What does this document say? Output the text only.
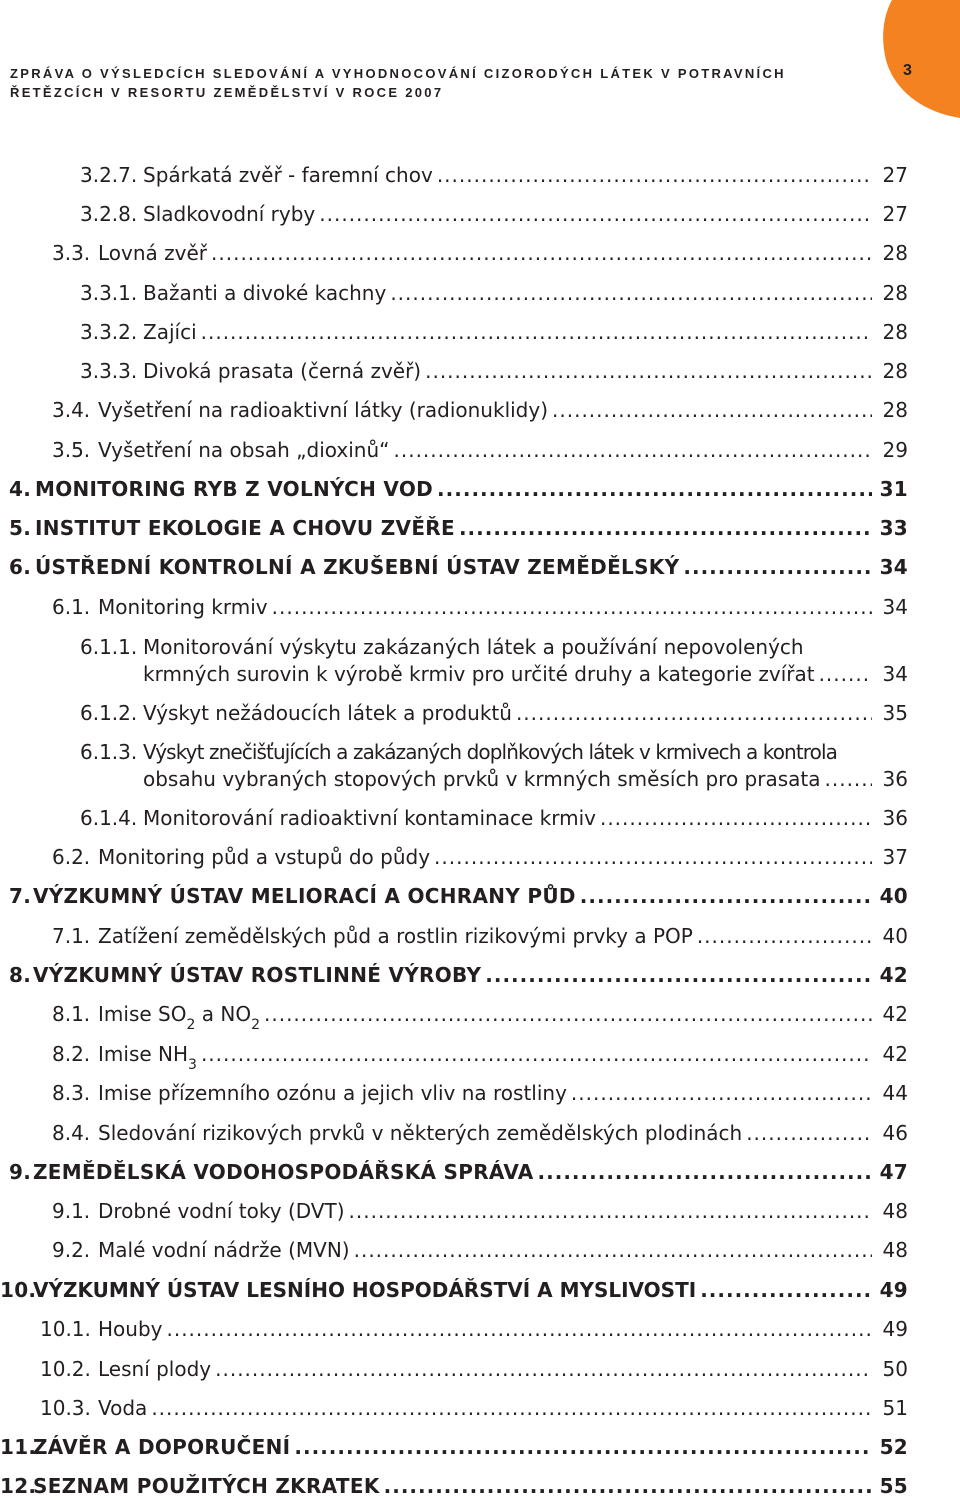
ZPRÁVA O VÝSLEDCÍCH SLEDOVÁNÍ A VYHODNOCOVÁNÍ CIZORODÝCH LÁTEK V POTRAVNÍCH
ŘETĚZCÍCH V RESORTU ZEMĚDĚLSTVÍ V ROCE 2007
3
3.2.7. Spárkatá zvěř - faremní chov .....	27
3.2.8. Sladkovodní ryby .....	27
3.3. Lovná zvěř .....	28
3.3.1. Bažanti a divoké kachny .....	28
3.3.2. Zajíci .....	28
3.3.3. Divoká prasata (černá zvěř) .....	28
3.4. Vyšetření na radioaktivní látky (radionuklidy) .....	28
3.5. Vyšetření na obsah „dioxinů“ .....	29
4. MONITORING RYB Z VOLNÝCH VOD .....	31
5. INSTITUT EKOLOGIE A CHOVU ZVĚŘE .....	33
6. ÚSTŘEDNÍ KONTROLNÍ A ZKUŠEBNÍ ÚSTAV ZEMĚDĚLSKÝ .....	34
6.1. Monitoring krmiv .....	34
6.1.1. Monitorování výskytu zakázaných látek a používání nepovolených
krmných surovin k výrobě krmiv pro určité druhy a kategorie zvířat .....	34
6.1.2. Výskyt nežádoucích látek a produktů .....	35
6.1.3. Výskyt znečišťujících a zakázaných doplňkových látek v krmivech a kontrola
obsahu vybraných stopových prvků v krmných směsích pro prasata .....	36
6.1.4. Monitorování radioaktivní kontaminace krmiv .....	36
6.2. Monitoring půd a vstupů do půdy .....	37
7. VÝZKUMNÝ ÚSTAV MELIORACÍ A OCHRANY PŮD .....	40
7.1. Zatížení zemědělských půd a rostlin rizikovými prvky a POP .....	40
8. VÝZKUMNÝ ÚSTAV ROSTLINNÉ VÝROBY .....	42
8.1. Imise $SO_2$ a $NO_2$ .....	42
8.2. Imise $NH_3$ .....	42
8.3. Imise přízemního ozónu a jejich vliv na rostliny .....	44
8.4. Sledování rizikových prvků v některých zemědělských plodinách .....	46
9. ZEMĚDĚLSKÁ VODOHOSPODÁŘSKÁ SPRÁVA .....	47
9.1. Drobné vodní toky (DVT) .....	48
9.2. Malé vodní nádrže (MVN) .....	48
10.
VÝZKUMNÝ ÚSTAV LESNÍHO HOSPODÁŘSTVÍ A MYSLIVOSTI .....	49
10.1. Houby .....	49
10.2. Lesní plody .....	50
10.3. Voda .....	51
11.
ZÁVĚR A DOPORUČENÍ .....	52
12.
SEZNAM POUŽITÝCH ZKRATEK .....	55
